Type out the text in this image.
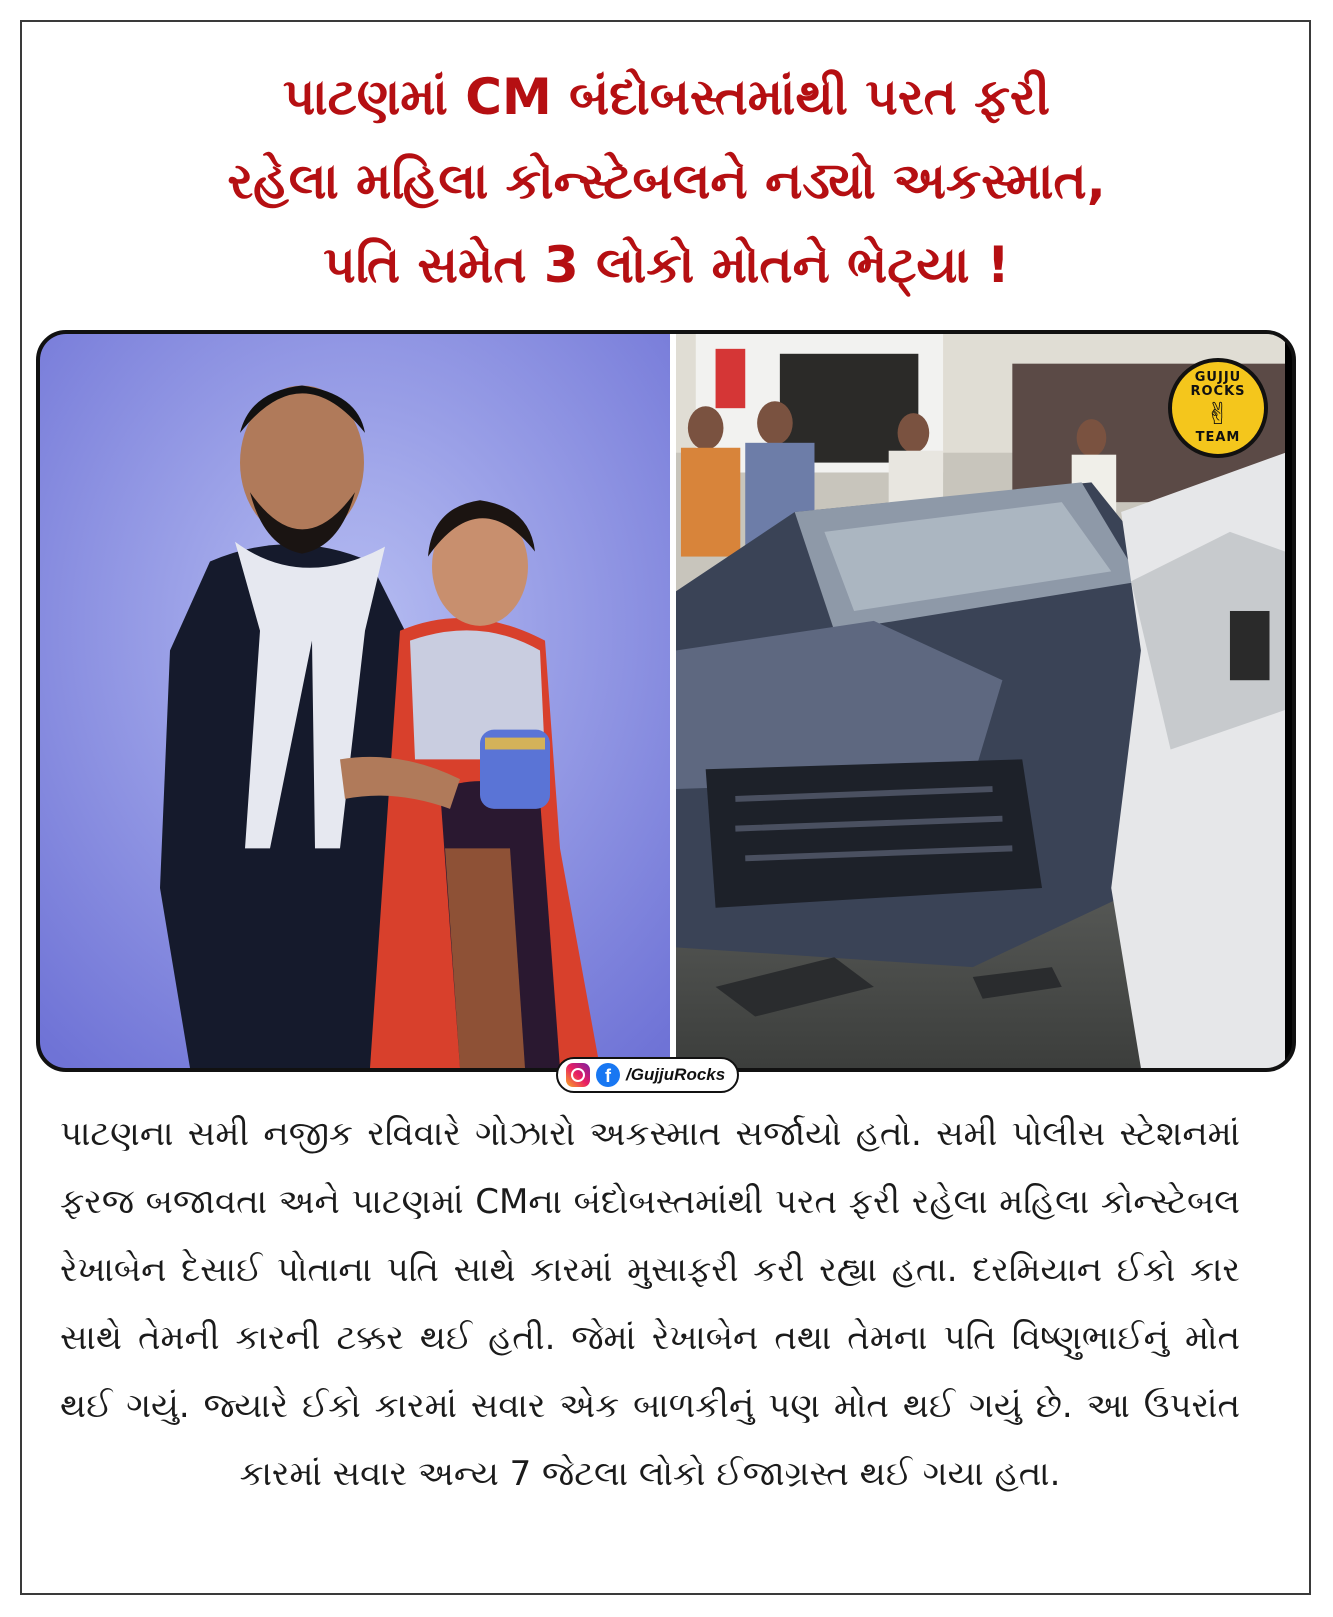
પાટણમાં CM બંદોબસ્તમાંથી પરત ફરી
રહેલા મહિલા કોન્સ્ટેબલને નડ્યો અકસ્માત,
પતિ સમેત 3 લોકો મોતને ભેટ્યા !
GUJJU ROCKS
✌
TEAM
f /GujjuRocks

પાટણના સમી નજીક રવિવારે ગોઝારો અકસ્માત સર્જાયો હતો. સમી પોલીસ સ્ટેશનમાં ફરજ બજાવતા અને પાટણમાં CMના બંદોબસ્તમાંથી પરત ફરી રહેલા મહિલા કોન્સ્ટેબલ રેખાબેન દેસાઈ પોતાના પતિ સાથે કારમાં મુસાફરી કરી રહ્યા હતા. દરમિયાન ઈકો કાર સાથે તેમની કારની ટક્કર થઈ હતી. જેમાં રેખાબેન તથા તેમના પતિ વિષ્ણુભાઈનું મોત થઈ ગયું. જ્યારે ઈકો કારમાં સવાર એક બાળકીનું પણ મોત થઈ ગયું છે. આ ઉપરાંત કારમાં સવાર અન્ય 7 જેટલા લોકો ઈજાગ્રસ્ત થઈ ગયા હતા.
